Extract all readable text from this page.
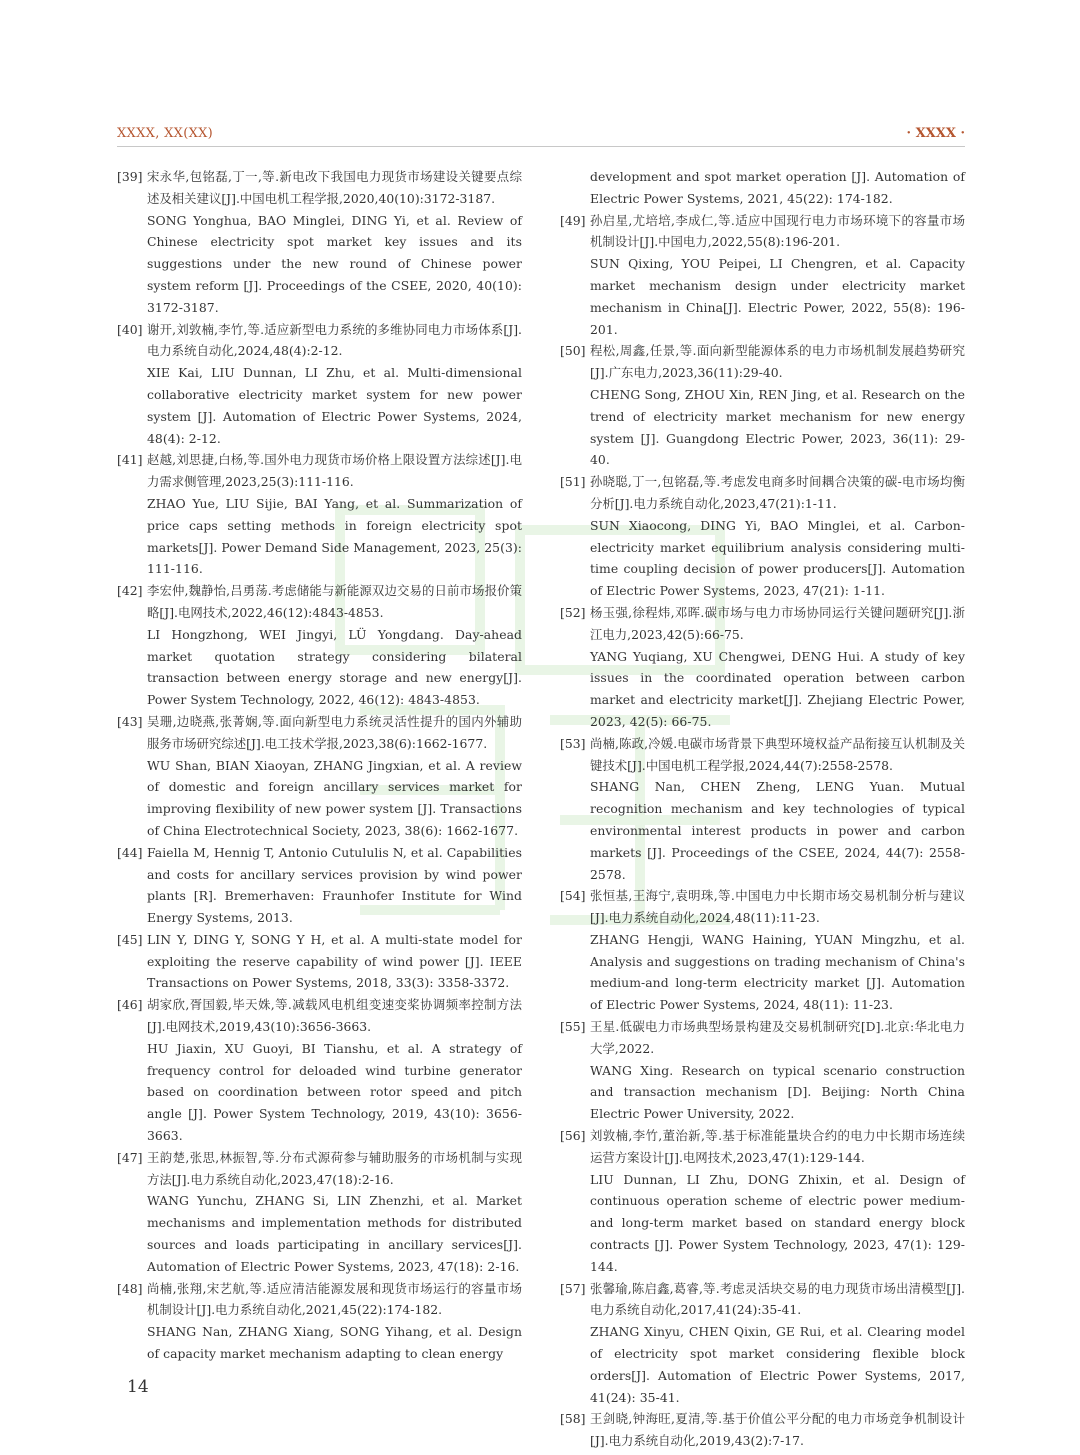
XXXX, XX(XX)	· XXXX ·

[39] 宋永华,包铭磊,丁一,等.新电改下我国电力现货市场建设关键要点综述及相关建议[J].中国电机工程学报,2020,40(10):3172-3187.
SONG Yonghua, BAO Minglei, DING Yi, et al. Review of Chinese electricity spot market key issues and its suggestions under the new round of Chinese power system reform [J]. Proceedings of the CSEE, 2020, 40(10): 3172-3187.

[40] 谢开,刘敦楠,李竹,等.适应新型电力系统的多维协同电力市场体系[J].电力系统自动化,2024,48(4):2-12.
XIE Kai, LIU Dunnan, LI Zhu, et al. Multi-dimensional collaborative electricity market system for new power system [J]. Automation of Electric Power Systems, 2024, 48(4): 2-12.

[41] 赵越,刘思捷,白杨,等.国外电力现货市场价格上限设置方法综述[J].电力需求侧管理,2023,25(3):111-116.
ZHAO Yue, LIU Sijie, BAI Yang, et al. Summarization of price caps setting methods in foreign electricity spot markets[J]. Power Demand Side Management, 2023, 25(3): 111-116.

[42] 李宏仲,魏静怡,吕勇荡.考虑储能与新能源双边交易的日前市场报价策略[J].电网技术,2022,46(12):4843-4853.
LI Hongzhong, WEI Jingyi, LÜ Yongdang. Day-ahead market quotation strategy considering bilateral transaction between energy storage and new energy[J]. Power System Technology, 2022, 46(12): 4843-4853.

[43] 吴珊,边晓燕,张菁娴,等.面向新型电力系统灵活性提升的国内外辅助服务市场研究综述[J].电工技术学报,2023,38(6):1662-1677.
WU Shan, BIAN Xiaoyan, ZHANG Jingxian, et al. A review of domestic and foreign ancillary services market for improving flexibility of new power system [J]. Transactions of China Electrotechnical Society, 2023, 38(6): 1662-1677.

[44] Faiella M, Hennig T, Antonio Cutululis N, et al. Capabilities and costs for ancillary services provision by wind power plants [R]. Bremerhaven: Fraunhofer Institute for Wind Energy Systems, 2013.

[45] LIN Y, DING Y, SONG Y H, et al. A multi-state model for exploiting the reserve capability of wind power [J]. IEEE Transactions on Power Systems, 2018, 33(3): 3358-3372.

[46] 胡家欣,胥国毅,毕天姝,等.减载风电机组变速变桨协调频率控制方法[J].电网技术,2019,43(10):3656-3663.
HU Jiaxin, XU Guoyi, BI Tianshu, et al. A strategy of frequency control for deloaded wind turbine generator based on coordination between rotor speed and pitch angle [J]. Power System Technology, 2019, 43(10): 3656-3663.

[47] 王韵楚,张思,林振智,等.分布式源荷参与辅助服务的市场机制与实现方法[J].电力系统自动化,2023,47(18):2-16.
WANG Yunchu, ZHANG Si, LIN Zhenzhi, et al. Market mechanisms and implementation methods for distributed sources and loads participating in ancillary services[J]. Automation of Electric Power Systems, 2023, 47(18): 2-16.

[48] 尚楠,张翔,宋艺航,等.适应清洁能源发展和现货市场运行的容量市场机制设计[J].电力系统自动化,2021,45(22):174-182.
SHANG Nan, ZHANG Xiang, SONG Yihang, et al. Design of capacity market mechanism adapting to clean energy

development and spot market operation [J]. Automation of Electric Power Systems, 2021, 45(22): 174-182.

[49] 孙启星,尤培培,李成仁,等.适应中国现行电力市场环境下的容量市场机制设计[J].中国电力,2022,55(8):196-201.
SUN Qixing, YOU Peipei, LI Chengren, et al. Capacity market mechanism design under electricity market mechanism in China[J]. Electric Power, 2022, 55(8): 196-201.

[50] 程松,周鑫,任景,等.面向新型能源体系的电力市场机制发展趋势研究[J].广东电力,2023,36(11):29-40.
CHENG Song, ZHOU Xin, REN Jing, et al. Research on the trend of electricity market mechanism for new energy system [J]. Guangdong Electric Power, 2023, 36(11): 29-40.

[51] 孙晓聪,丁一,包铭磊,等.考虑发电商多时间耦合决策的碳-电市场均衡分析[J].电力系统自动化,2023,47(21):1-11.
SUN Xiaocong, DING Yi, BAO Minglei, et al. Carbon-electricity market equilibrium analysis considering multi-time coupling decision of power producers[J]. Automation of Electric Power Systems, 2023, 47(21): 1-11.

[52] 杨玉强,徐程炜,邓晖.碳市场与电力市场协同运行关键问题研究[J].浙江电力,2023,42(5):66-75.
YANG Yuqiang, XU Chengwei, DENG Hui. A study of key issues in the coordinated operation between carbon market and electricity market[J]. Zhejiang Electric Power, 2023, 42(5): 66-75.

[53] 尚楠,陈政,冷媛.电碳市场背景下典型环境权益产品衔接互认机制及关键技术[J].中国电机工程学报,2024,44(7):2558-2578.
SHANG Nan, CHEN Zheng, LENG Yuan. Mutual recognition mechanism and key technologies of typical environmental interest products in power and carbon markets [J]. Proceedings of the CSEE, 2024, 44(7): 2558-2578.

[54] 张恒基,王海宁,袁明珠,等.中国电力中长期市场交易机制分析与建议[J].电力系统自动化,2024,48(11):11-23.
ZHANG Hengji, WANG Haining, YUAN Mingzhu, et al. Analysis and suggestions on trading mechanism of China's medium-and long-term electricity market [J]. Automation of Electric Power Systems, 2024, 48(11): 11-23.

[55] 王星.低碳电力市场典型场景构建及交易机制研究[D].北京:华北电力大学,2022.
WANG Xing. Research on typical scenario construction and transaction mechanism [D]. Beijing: North China Electric Power University, 2022.

[56] 刘敦楠,李竹,董治新,等.基于标准能量块合约的电力中长期市场连续运营方案设计[J].电网技术,2023,47(1):129-144.
LIU Dunnan, LI Zhu, DONG Zhixin, et al. Design of continuous operation scheme of electric power medium-and long-term market based on standard energy block contracts [J]. Power System Technology, 2023, 47(1): 129-144.

[57] 张馨瑜,陈启鑫,葛睿,等.考虑灵活块交易的电力现货市场出清模型[J].电力系统自动化,2017,41(24):35-41.
ZHANG Xinyu, CHEN Qixin, GE Rui, et al. Clearing model of electricity spot market considering flexible block orders[J]. Automation of Electric Power Systems, 2017, 41(24): 35-41.

[58] 王剑晓,钟海旺,夏清,等.基于价值公平分配的电力市场竞争机制设计[J].电力系统自动化,2019,43(2):7-17.

14
